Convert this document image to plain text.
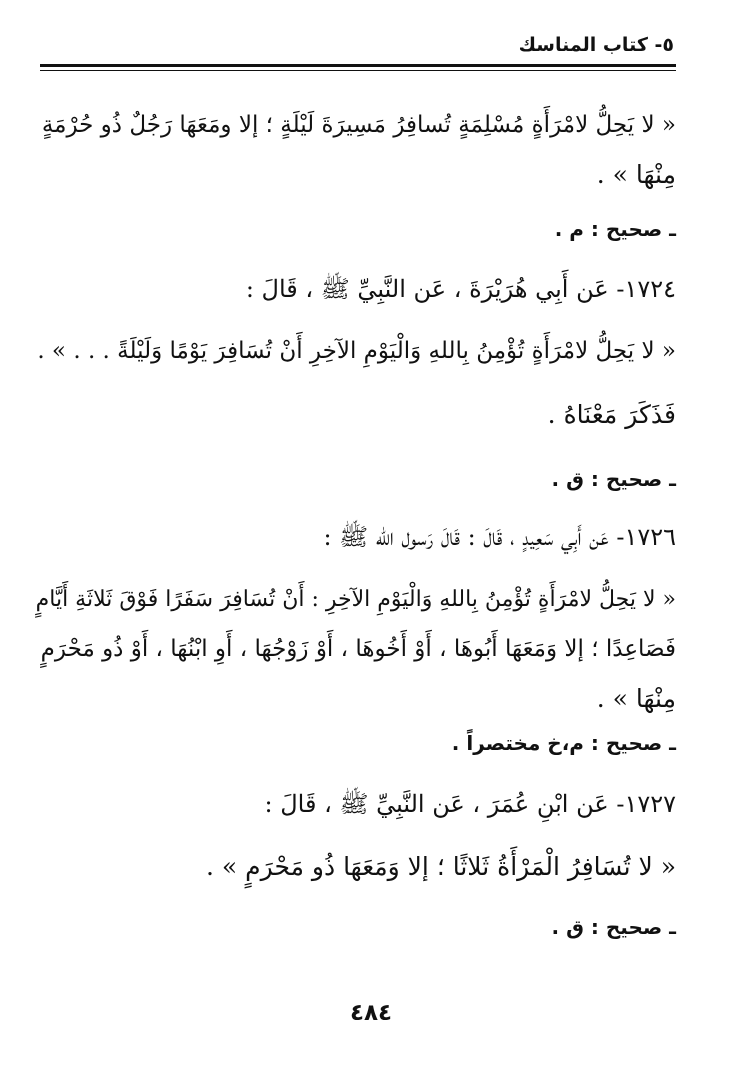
٥- كتاب المناسك
« لا يَحِلُّ لامْرَأَةٍ مُسْلِمَةٍ تُسافِرُ مَسِيرَةَ لَيْلَةٍ ؛ إلا ومَعَهَا رَجُلٌ ذُو حُرْمَةٍ
مِنْهَا » .
ـ صحيح : م .
١٧٢٤- عَن أَبِي هُرَيْرَةَ ، عَن النَّبِيِّ ﷺ ، قَالَ :
« لا يَحِلُّ لامْرَأَةٍ تُؤْمِنُ بِاللهِ وَالْيَوْمِ الآخِرِ أَنْ تُسَافِرَ يَوْمًا وَلَيْلَةً . . . » .
فَذَكَرَ مَعْنَاهُ .
ـ صحيح : ق .
١٧٢٦- عَن أَبِي سَعِيدٍ ، قَالَ : قَالَ رَسول الله ﷺ :
« لا يَحِلُّ لامْرَأَةٍ تُؤْمِنُ بِاللهِ وَالْيَوْمِ الآخِرِ : أَنْ تُسَافِرَ سَفَرًا فَوْقَ ثَلاثَةِ أَيَّامٍ
فَصَاعِدًا ؛ إلا وَمَعَهَا أَبُوهَا ، أَوْ أَخُوهَا ، أَوْ زَوْجُهَا ، أَوِ ابْنُهَا ، أَوْ ذُو مَحْرَمٍ
مِنْهَا » .
ـ صحيح : م،خ مختصراً .
١٧٢٧- عَن ابْنِ عُمَرَ ، عَن النَّبِيِّ ﷺ ، قَالَ :
« لا تُسَافِرُ الْمَرْأَةُ ثَلاثًا ؛ إلا وَمَعَهَا ذُو مَحْرَمٍ » .
ـ صحيح : ق .
٤٨٤
